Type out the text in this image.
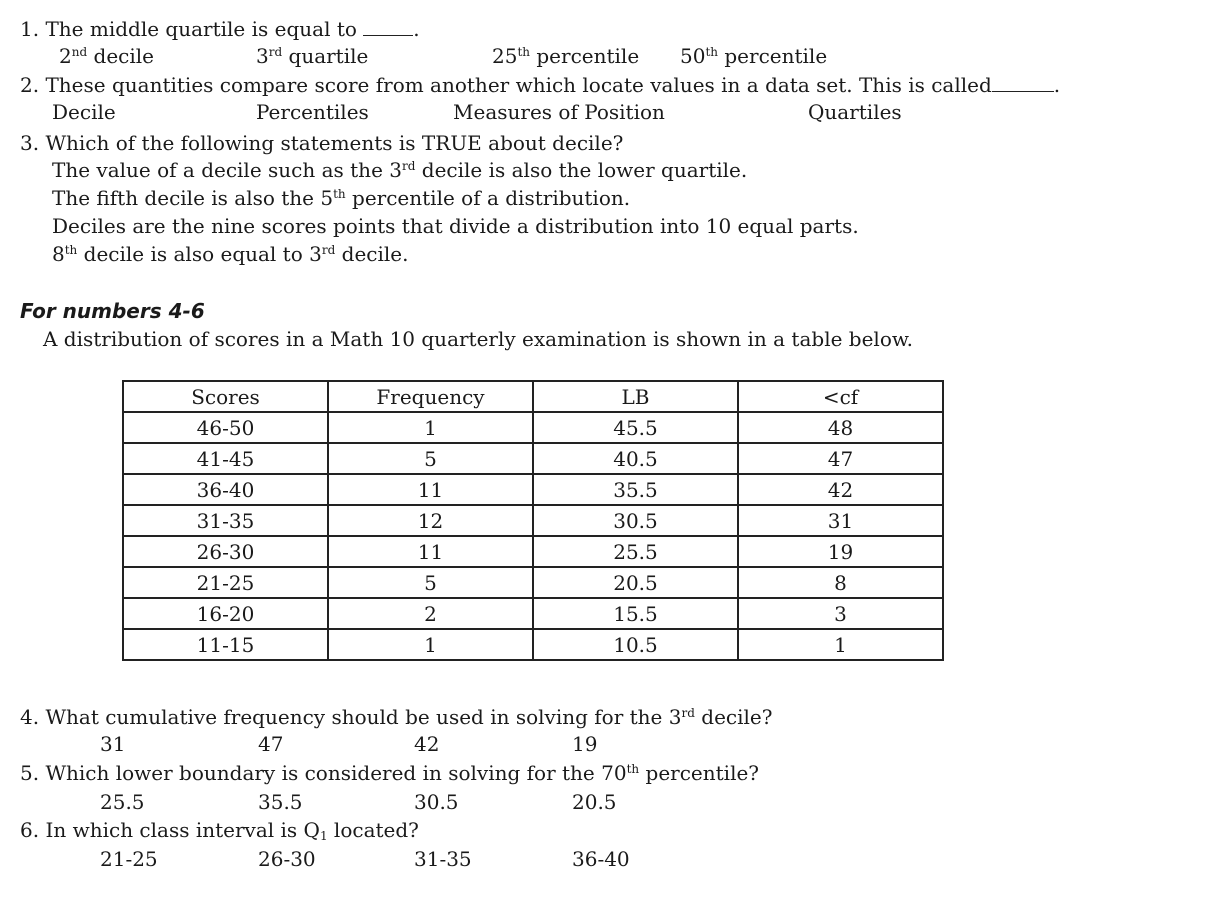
1. The middle quartile is equal to	.
2nd decile	3rd quartile	25th percentile 50th percentile
2. These quantities compare score from another which locate values in a data set. This is called	.
Decile	Percentiles	Measures of Position	Quartiles
3. Which of the following statements is TRUE about decile?
The value of a decile such as the 3rd decile is also the lower quartile.
The fifth decile is also the 5th percentile of a distribution.
Deciles are the nine scores points that divide a distribution into 10 equal parts.
8th decile is also equal to 3rd decile.
For numbers 4-6
A distribution of scores in a Math 10 quarterly examination is shown in a table below.
Scores	Frequency	LB	<cf
46-50	1	45.5	48
41-45	5	40.5	47
36-40	11	35.5	42
31-35	12	30.5	31
26-30	11	25.5	19
21-25	5	20.5	8
16-20	2	15.5	3
11-15	1	10.5	1
4. What cumulative frequency should be used in solving for the 3rd decile?
31	47	42	19
5. Which lower boundary is considered in solving for the 70th percentile?
25.5	35.5	30.5	20.5
6. In which class interval is $Q_1$ located?
21-25	26-30	31-35	36-40
